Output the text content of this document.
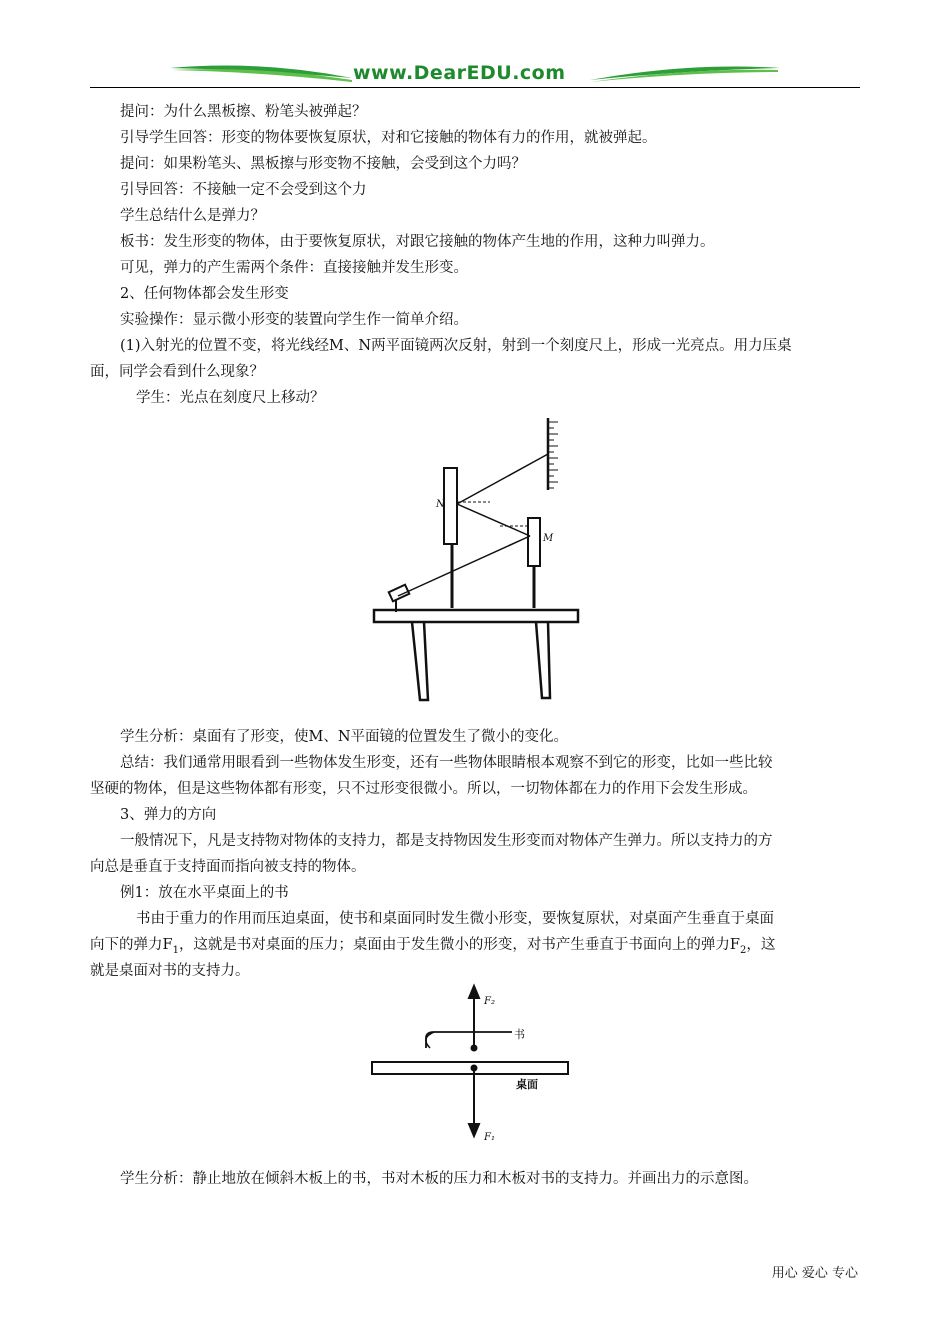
www.DearEDU.com
提问：为什么黑板擦、粉笔头被弹起？
引导学生回答：形变的物体要恢复原状，对和它接触的物体有力的作用，就被弹起。
提问：如果粉笔头、黑板擦与形变物不接触，会受到这个力吗？
引导回答：不接触一定不会受到这个力
学生总结什么是弹力？
板书：发生形变的物体，由于要恢复原状，对跟它接触的物体产生地的作用，这种力叫弹力。
可见，弹力的产生需两个条件：直接接触并发生形变。
2、任何物体都会发生形变
实验操作：显示微小形变的装置向学生作一简单介绍。
(1)入射光的位置不变，将光线经M、N两平面镜两次反射，射到一个刻度尺上，形成一光亮点。用力压桌
面，同学会看到什么现象？
学生：光点在刻度尺上移动？
N
M
学生分析：桌面有了形变，使M、N平面镜的位置发生了微小的变化。
总结：我们通常用眼看到一些物体发生形变，还有一些物体眼睛根本观察不到它的形变，比如一些比较
坚硬的物体，但是这些物体都有形变，只不过形变很微小。所以，一切物体都在力的作用下会发生形成。
3、弹力的方向
一般情况下，凡是支持物对物体的支持力，都是支持物因发生形变而对物体产生弹力。所以支持力的方
向总是垂直于支持面而指向被支持的物体。
例1：放在水平桌面上的书
书由于重力的作用而压迫桌面，使书和桌面同时发生微小形变，要恢复原状，对桌面产生垂直于桌面
向下的弹力$F_1$，这就是书对桌面的压力；桌面由于发生微小的形变，对书产生垂直于书面向上的弹力$F_2$，这
就是桌面对书的支持力。
F₂
书
桌面
F₁
学生分析：静止地放在倾斜木板上的书，书对木板的压力和木板对书的支持力。并画出力的示意图。
用心 爱心 专心
